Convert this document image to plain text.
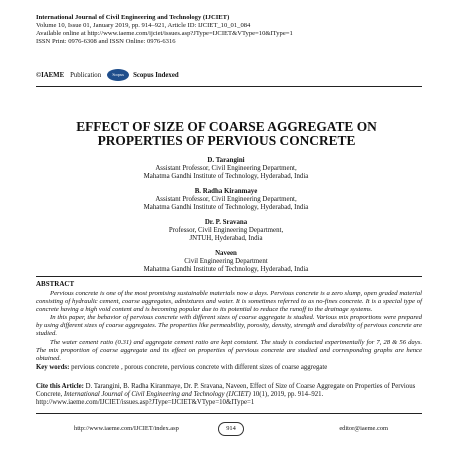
International Journal of Civil Engineering and Technology (IJCIET)
Volume 10, Issue 01, January 2019, pp. 914–921, Article ID: IJCIET_10_01_084
Available online at http://www.iaeme.com/ijciet/issues.asp?JType=IJCIET&VType=10&IType=1
ISSN Print: 0976-6308 and ISSN Online: 0976-6316
©IAEME Publication	Scopus	Scopus Indexed
EFFECT OF SIZE OF COARSE AGGREGATE ON
PROPERTIES OF PERVIOUS CONCRETE
D. Tarangini
Assistant Professor, Civil Engineering Department,
Mahatma Gandhi Institute of Technology, Hyderabad, India
B. Radha Kiranmaye
Assistant Professor, Civil Engineering Department,
Mahatma Gandhi Institute of Technology, Hyderabad, India
Dr. P. Sravana
Professor, Civil Engineering Department,
JNTUH, Hyderabad, India
Naveen
Civil Engineering Department
Mahatma Gandhi Institute of Technology, Hyderabad, India
ABSTRACT

Pervious concrete is one of the most promising sustainable materials now a days. Pervious concrete is a zero slump, open graded material consisting of hydraulic cement, coarse aggregates, admixtures and water. It is sometimes referred to as no-fines concrete. It is a special type of concrete having a high void content and is becoming popular due to its potential to reduce the runoff to the drainage systems.

In this paper, the behavior of pervious concrete with different sizes of coarse aggregate is studied. Various mix proportions were prepared by using different sizes of coarse aggregates. The properties like permeability, porosity, density, strength and durability of pervious concrete are studied.

The water cement ratio (0.31) and aggregate cement ratio are kept constant. The study is conducted experimentally for 7, 28 & 56 days. The mix proportion of coarse aggregate and its effect on properties of pervious concrete are studied and corresponding graphs are hence obtained.

Key words: pervious concrete , porous concrete, pervious concrete with different sizes of coarse aggregate
Cite this Article: D. Tarangini, B. Radha Kiranmaye, Dr. P. Sravana, Naveen, Effect of Size of Coarse Aggregate on Properties of Pervious Concrete, International Journal of Civil Engineering and Technology (IJCIET) 10(1), 2019, pp. 914–921.
http://www.iaeme.com/IJCIET/issues.asp?JType=IJCIET&VType=10&IType=1
http://www.iaeme.com/IJCIET/index.asp	914	editor@iaeme.com
